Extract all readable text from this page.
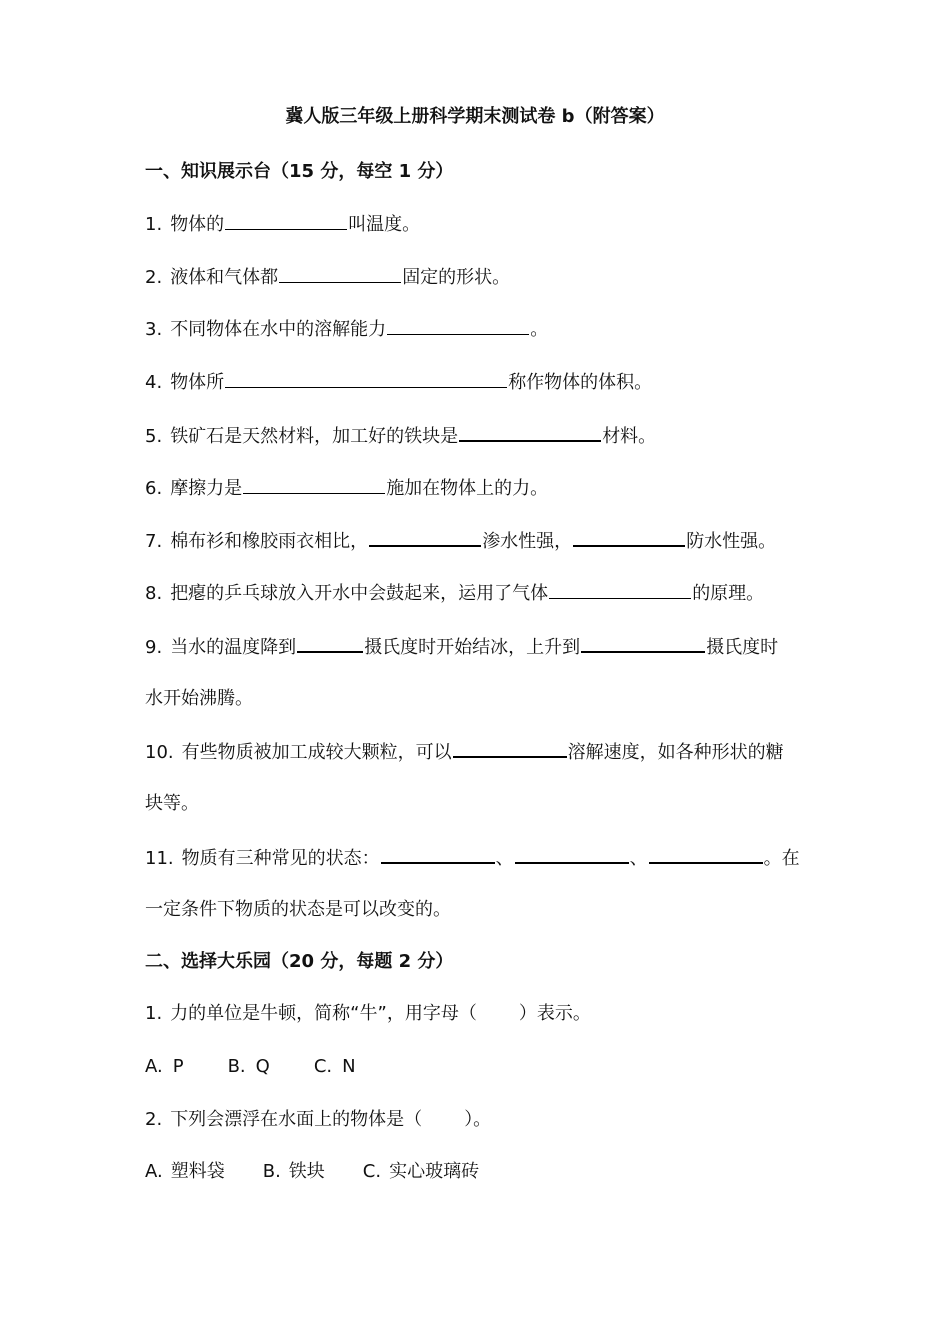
冀人版三年级上册科学期末测试卷 b（附答案）
一、知识展示台（15 分，每空 1 分）
1. 物体的	叫温度。
2. 液体和气体都	固定的形状。
3. 不同物体在水中的溶解能力	。
4. 物体所	称作物体的体积。
5. 铁矿石是天然材料，加工好的铁块是	材料。
6. 摩擦力是	施加在物体上的力。
7. 棉布衫和橡胶雨衣相比，	渗水性强，	防水性强。
8. 把瘪的乒乓球放入开水中会鼓起来，运用了气体	的原理。
9. 当水的温度降到	摄氏度时开始结冰，上升到	摄氏度时
水开始沸腾。
10. 有些物质被加工成较大颗粒，可以	溶解速度，如各种形状的糖
块等。
11. 物质有三种常见的状态：	、	、	。在
一定条件下物质的状态是可以改变的。
二、选择大乐园（20 分，每题 2 分）
1. 力的单位是牛顿，简称“牛”，用字母（ ）表示。
A. P B. Q C. N
2. 下列会漂浮在水面上的物体是（ ）。
A. 塑料袋 B. 铁块 C. 实心玻璃砖
